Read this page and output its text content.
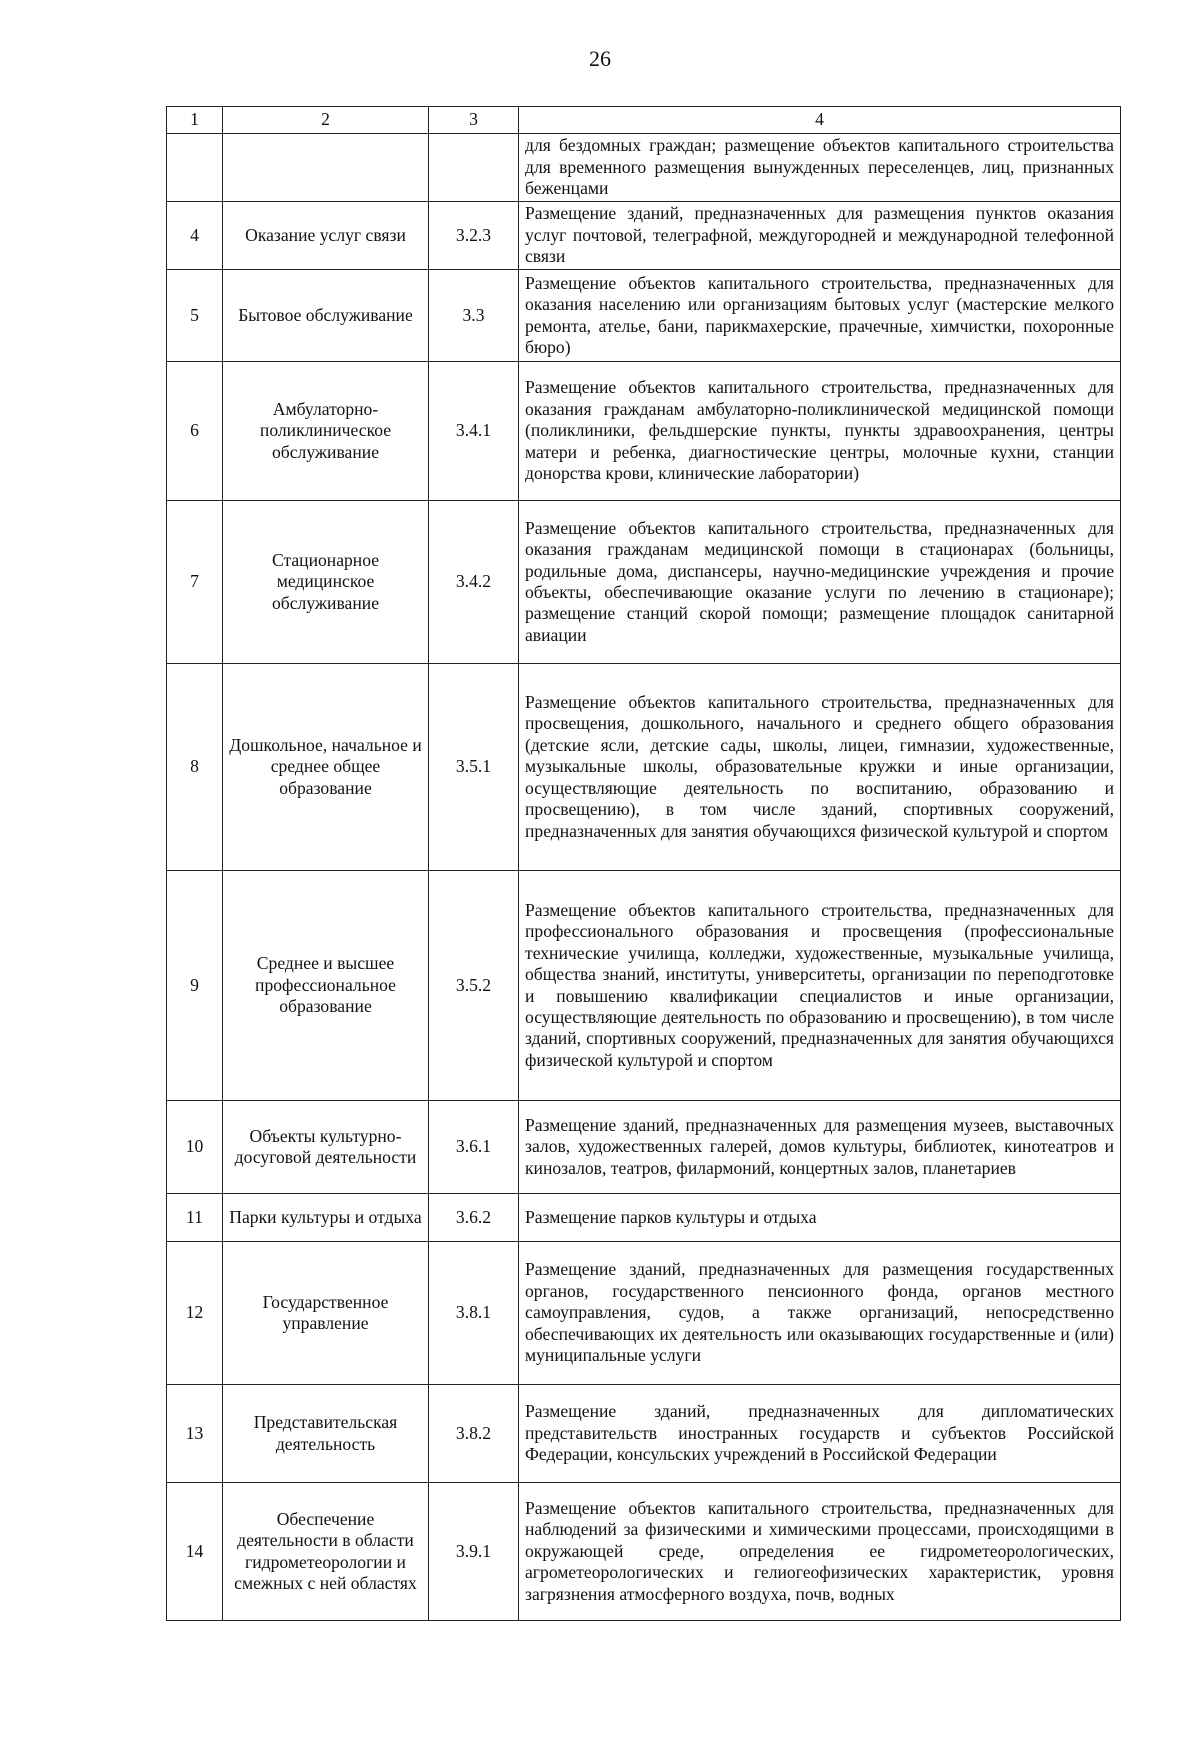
26
1	2	3	4
			для бездомных граждан; размещение объектов капитального строительства для временного размещения вынужденных переселенцев, лиц, признанных беженцами
4	Оказание услуг связи	3.2.3	Размещение зданий, предназначенных для размещения пунктов оказания услуг почтовой, телеграфной, междугородней и международной телефонной связи
5	Бытовое обслуживание	3.3	Размещение объектов капитального строительства, предназначенных для оказания населению или организациям бытовых услуг (мастерские мелкого ремонта, ателье, бани, парикмахерские, прачечные, химчистки, похоронные бюро)
6	Амбулаторно-поликлиническое обслуживание	3.4.1	Размещение объектов капитального строительства, предназначенных для оказания гражданам амбулаторно-поликлинической медицинской помощи (поликлиники, фельдшерские пункты, пункты здравоохранения, центры матери и ребенка, диагностические центры, молочные кухни, станции донорства крови, клинические лаборатории)
7	Стационарное медицинское обслуживание	3.4.2	Размещение объектов капитального строительства, предназначенных для оказания гражданам медицинской помощи в стационарах (больницы, родильные дома, диспансеры, научно-медицинские учреждения и прочие объекты, обеспечивающие оказание услуги по лечению в стационаре); размещение станций скорой помощи; размещение площадок санитарной авиации
8	Дошкольное, начальное и среднее общее образование	3.5.1	Размещение объектов капитального строительства, предназначенных для просвещения, дошкольного, начального и среднего общего образования (детские ясли, детские сады, школы, лицеи, гимназии, художественные, музыкальные школы, образовательные кружки и иные организации, осуществляющие деятельность по воспитанию, образованию и просвещению), в том числе зданий, спортивных сооружений, предназначенных для занятия обучающихся физической культурой и спортом
9	Среднее и высшее профессиональное образование	3.5.2	Размещение объектов капитального строительства, предназначенных для профессионального образования и просвещения (профессиональные технические училища, колледжи, художественные, музыкальные училища, общества знаний, институты, университеты, организации по переподготовке и повышению квалификации специалистов и иные организации, осуществляющие деятельность по образованию и просвещению), в том числе зданий, спортивных сооружений, предназначенных для занятия обучающихся физической культурой и спортом
10	Объекты культурно-досуговой деятельности	3.6.1	Размещение зданий, предназначенных для размещения музеев, выставочных залов, художественных галерей, домов культуры, библиотек, кинотеатров и кинозалов, театров, филармоний, концертных залов, планетариев
11	Парки культуры и отдыха	3.6.2	Размещение парков культуры и отдыха
12	Государственное управление	3.8.1	Размещение зданий, предназначенных для размещения государственных органов, государственного пенсионного фонда, органов местного самоуправления, судов, а также организаций, непосредственно обеспечивающих их деятельность или оказывающих государственные и (или) муниципальные услуги
13	Представительская деятельность	3.8.2	Размещение зданий, предназначенных для дипломатических представительств иностранных государств и субъектов Российской Федерации, консульских учреждений в Российской Федерации
14	Обеспечение деятельности в области гидрометеорологии и смежных с ней областях	3.9.1	Размещение объектов капитального строительства, предназначенных для наблюдений за физическими и химическими процессами, происходящими в окружающей среде, определения ее гидрометеорологических, агрометеорологических и гелиогеофизических характеристик, уровня загрязнения атмосферного воздуха, почв, водных
